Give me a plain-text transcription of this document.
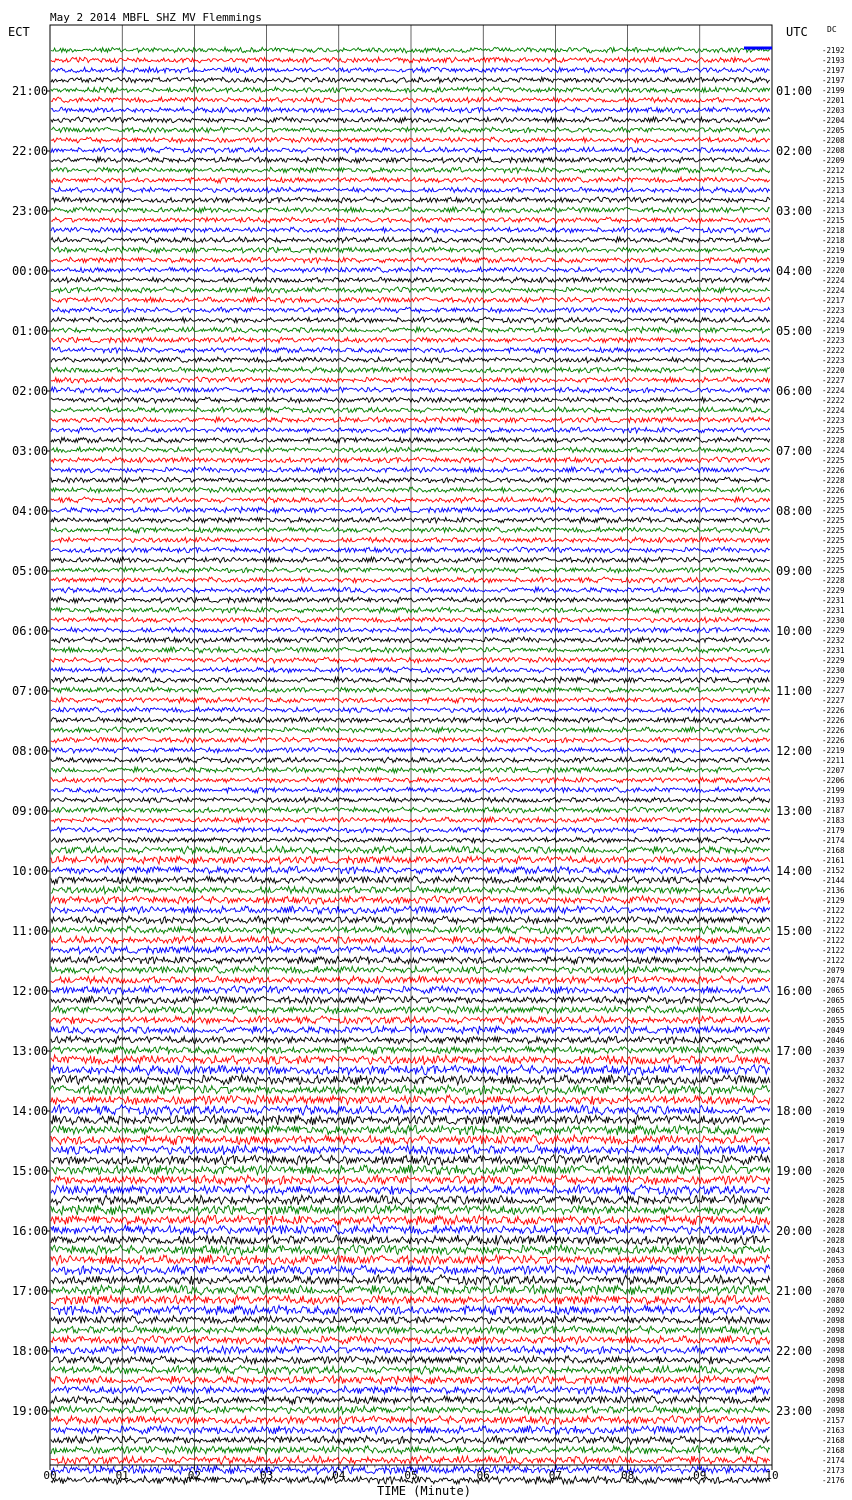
May 2 2014 MBFL SHZ MV Flemmings
ECT	UTC DC
21:00
22:00
23:00
00:00
01:00
02:00
03:00
04:00
05:00
06:00
07:00
08:00
09:00
10:00
11:00
12:00
13:00
14:00
15:00
16:00
17:00
18:00
19:00
01:00
02:00
03:00
04:00
05:00
06:00
07:00
08:00
09:00
10:00
11:00
12:00
13:00
14:00
15:00
16:00
17:00
18:00
19:00
20:00
21:00
22:00
23:00
-2192
-2193
-2197
-2197
-2199
-2201
-2203
-2204
-2205
-2208
-2208
-2209
-2212
-2215
-2213
-2214
-2213
-2215
-2218
-2218
-2219
-2219
-2220
-2224
-2224
-2217
-2223
-2224
-2219
-2223
-2222
-2223
-2220
-2227
-2224
-2222
-2224
-2223
-2225
-2228
-2224
-2225
-2226
-2228
-2226
-2225
-2225
-2225
-2225
-2225
-2225
-2225
-2225
-2228
-2229
-2231
-2231
-2230
-2229
-2232
-2231
-2229
-2230
-2229
-2227
-2227
-2226
-2226
-2226
-2226
-2219
-2211
-2207
-2206
-2199
-2193
-2187
-2183
-2179
-2174
-2168
-2161
-2152
-2144
-2136
-2129
-2122
-2122
-2122
-2122
-2122
-2122
-2079
-2074
-2065
-2065
-2065
-2055
-2049
-2046
-2039
-2037
-2032
-2032
-2027
-2022
-2019
-2019
-2019
-2017
-2017
-2018
-2020
-2025
-2028
-2028
-2028
-2028
-2028
-2028
-2043
-2053
-2060
-2068
-2070
-2080
-2092
-2098
-2098
-2098
-2098
-2098
-2098
-2098
-2098
-2098
-2098
-2157
-2163
-2168
-2168
-2174
-2173
-2176
00	01	02	03	04	05	06	07	08	09	10
TIME (Minute)
